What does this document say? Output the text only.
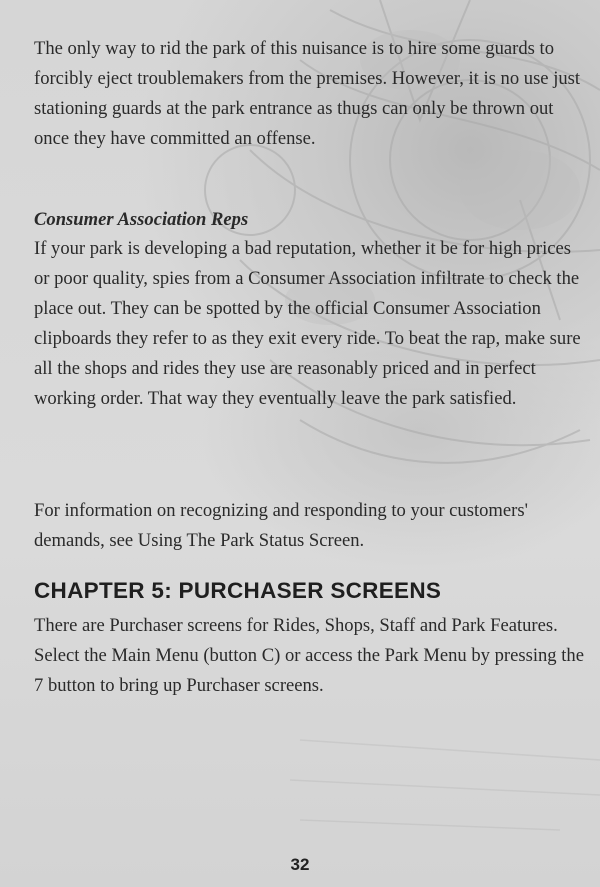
The only way to rid the park of this nuisance is to hire some guards to forcibly eject troublemakers from the premises. However, it is no use just stationing guards at the park entrance as thugs can only be thrown out once they have committed an offense.

Consumer Association Reps

If your park is developing a bad reputation, whether it be for high prices or poor quality, spies from a Consumer Association infiltrate to check the place out. They can be spotted by the official Consumer Association clipboards they refer to as they exit every ride. To beat the rap, make sure all the shops and rides they use are reasonably priced and in perfect working order. That way they eventually leave the park satisfied.

For information on recognizing and responding to your customers' demands, see Using The Park Status Screen.

CHAPTER 5: PURCHASER SCREENS

There are Purchaser screens for Rides, Shops, Staff and Park Features. Select the Main Menu (button C) or access the Park Menu by pressing the 7 button to bring up Purchaser screens.

32
